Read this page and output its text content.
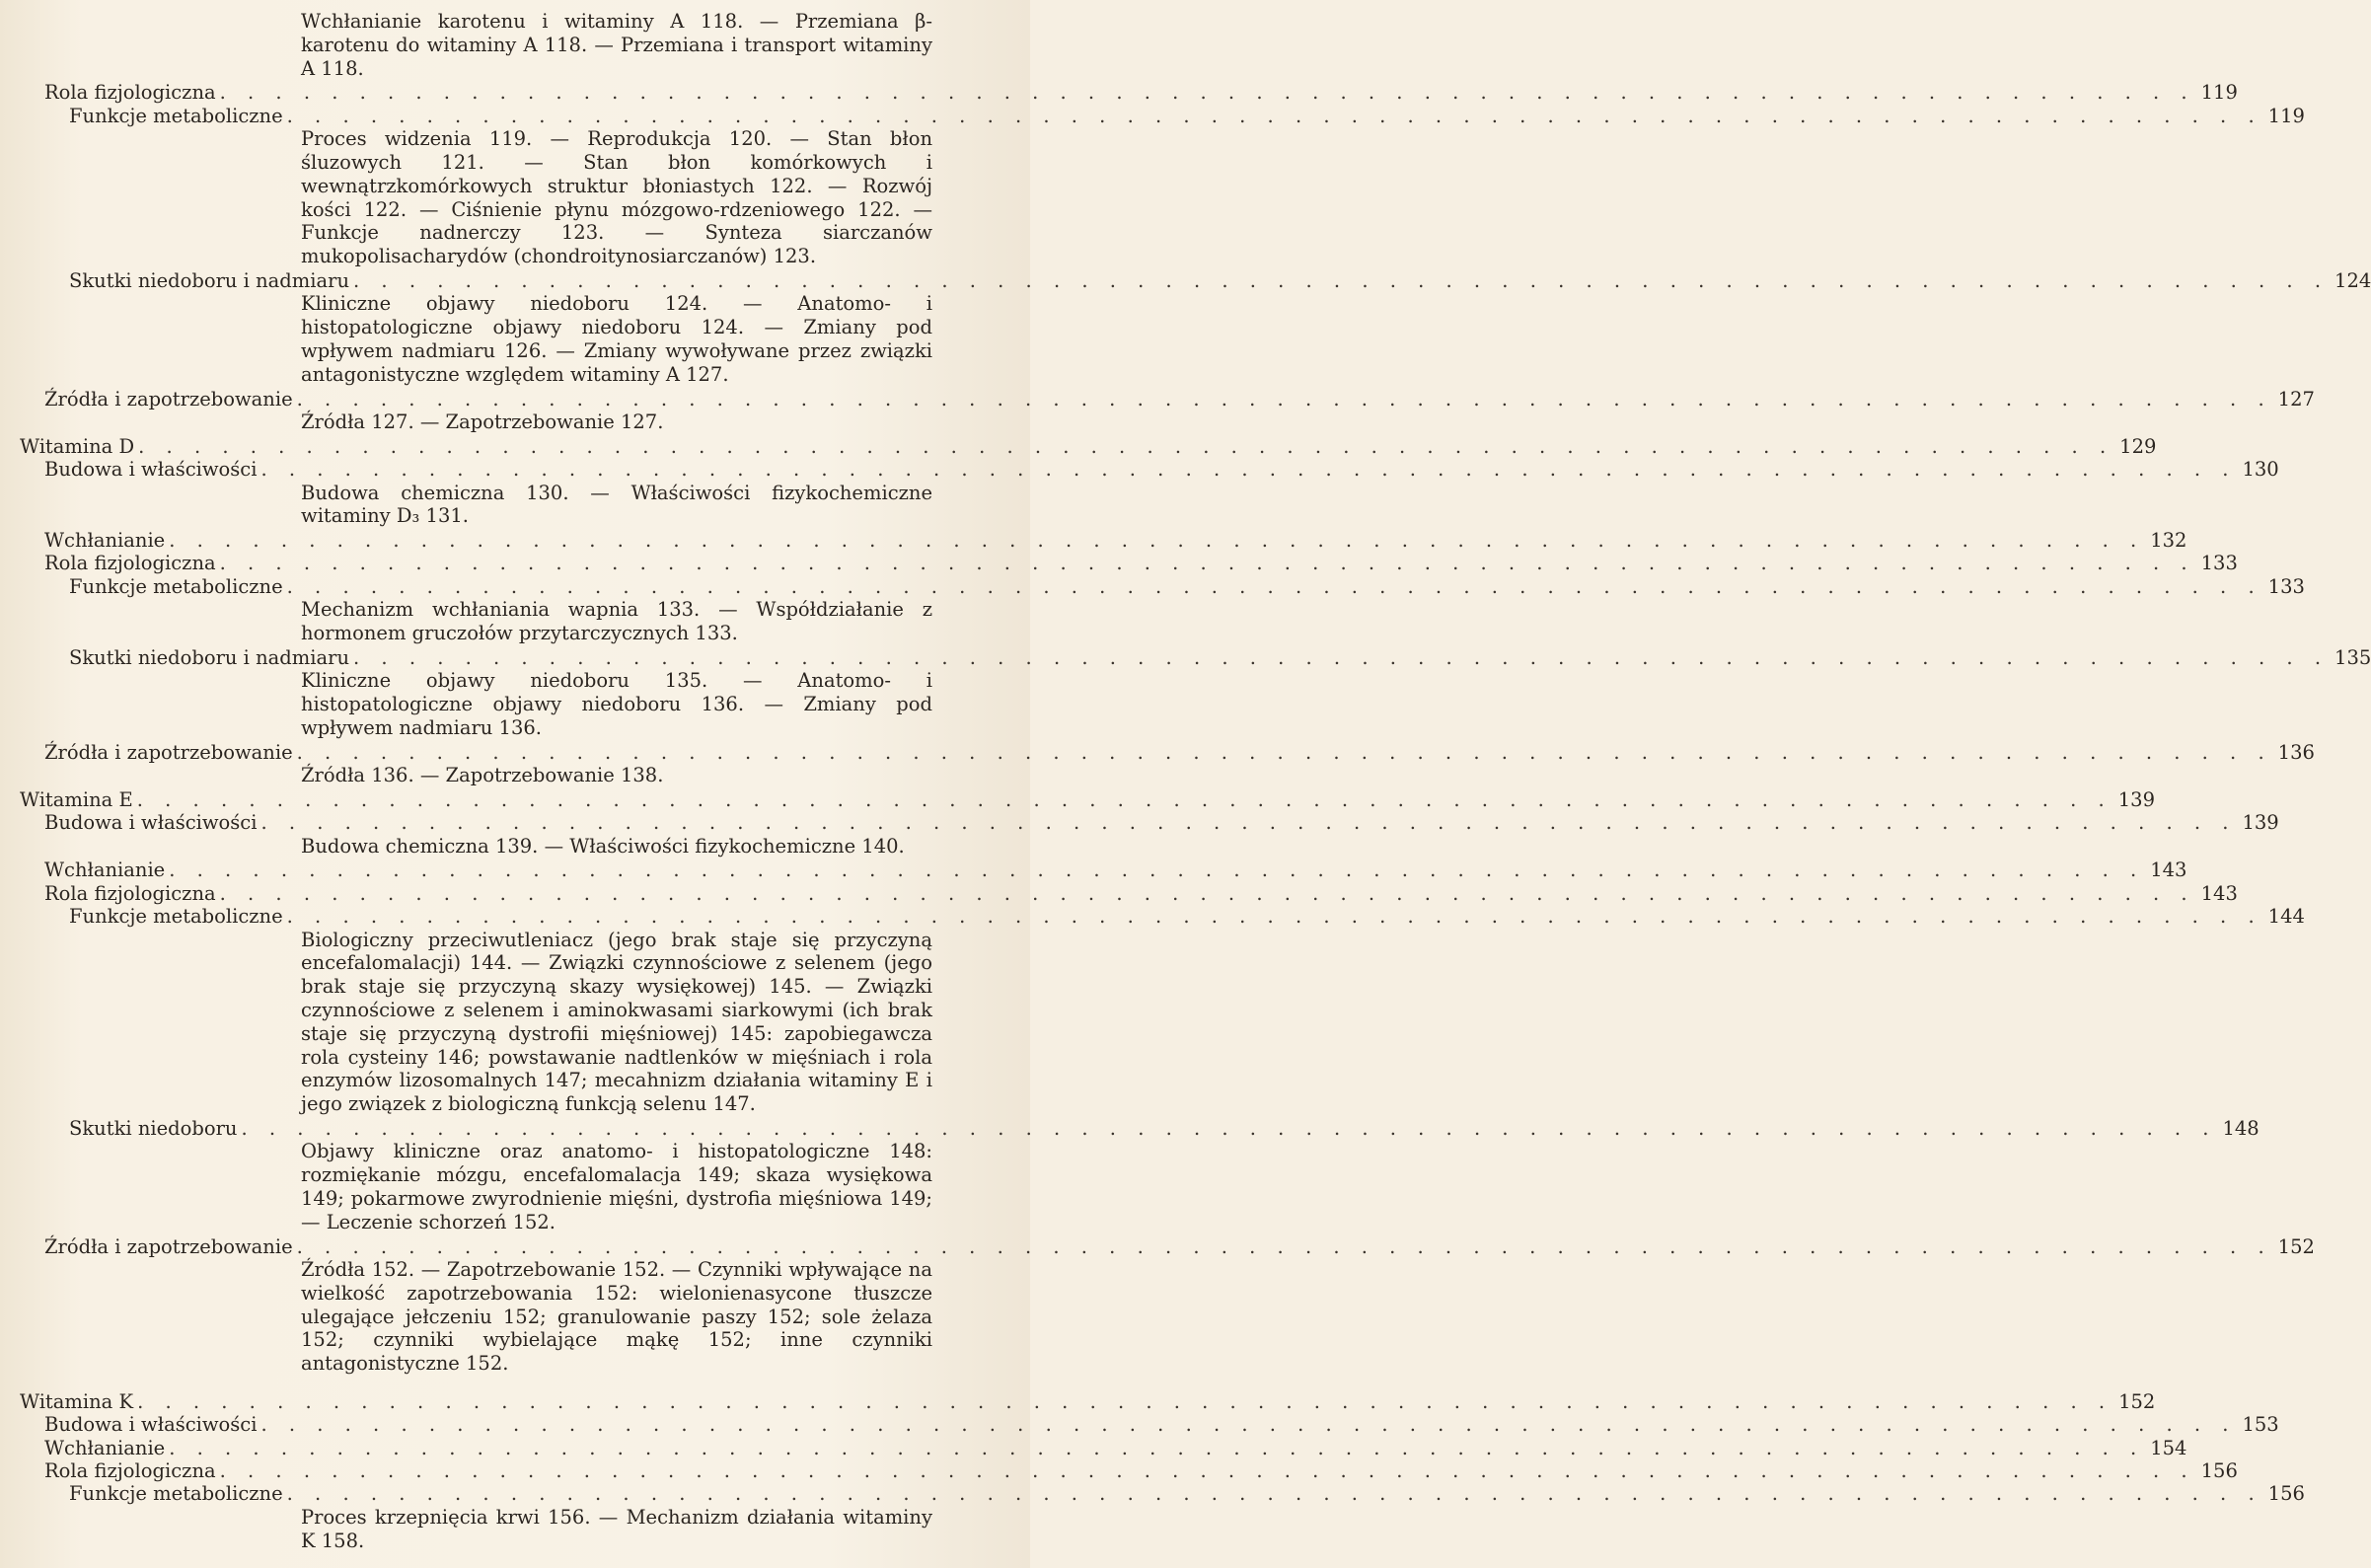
Wchłanianie karotenu i witaminy A 118. — Przemiana β-karotenu do witaminy A 118. — Przemiana i transport witaminy A 118.
Rola fizjologiczna . . . . . . . . . . . . . . . . . . . . . . . . . . . . . . . . . . . . . . . . . . . . . . . . . . . . . . . . . . . . . . . . . . . . . . . 119
Funkcje metaboliczne . . . . . . . . . . . . . . . . . . . . . . . . . . . . . . . . . . . . . . . . . . . . . . . . . . . . . . . . . . . . . . . . . . . . . . . 119
Proces widzenia 119. — Reprodukcja 120. — Stan błon śluzowych 121. — Stan błon komórkowych i wewnątrzkomórkowych struktur błoniastych 122. — Rozwój kości 122. — Ciśnienie płynu mózgowo-rdzeniowego 122. — Funkcje nadnerczy 123. — Synteza siarczanów mukopolisacharydów (chondroitynosiarczanów) 123.
Skutki niedoboru i nadmiaru . . . . . . . . . . . . . . . . . . . . . . . . . . . . . . . . . . . . . . . . . . . . . . . . . . . . . . . . . . . . . . . . . . . . . . . 124
Kliniczne objawy niedoboru 124. — Anatomo- i histopatologiczne objawy niedoboru 124. — Zmiany pod wpływem nadmiaru 126. — Zmiany wywoływane przez związki antagonistyczne względem witaminy A 127.
Źródła i zapotrzebowanie . . . . . . . . . . . . . . . . . . . . . . . . . . . . . . . . . . . . . . . . . . . . . . . . . . . . . . . . . . . . . . . . . . . . . . . 127
Źródła 127. — Zapotrzebowanie 127.
Witamina D . . . . . . . . . . . . . . . . . . . . . . . . . . . . . . . . . . . . . . . . . . . . . . . . . . . . . . . . . . . . . . . . . . . . . . . 129
Budowa i właściwości . . . . . . . . . . . . . . . . . . . . . . . . . . . . . . . . . . . . . . . . . . . . . . . . . . . . . . . . . . . . . . . . . . . . . . . 130
Budowa chemiczna 130. — Właściwości fizykochemiczne witaminy D₃ 131.
Wchłanianie . . . . . . . . . . . . . . . . . . . . . . . . . . . . . . . . . . . . . . . . . . . . . . . . . . . . . . . . . . . . . . . . . . . . . . . 132
Rola fizjologiczna . . . . . . . . . . . . . . . . . . . . . . . . . . . . . . . . . . . . . . . . . . . . . . . . . . . . . . . . . . . . . . . . . . . . . . . 133
Funkcje metaboliczne . . . . . . . . . . . . . . . . . . . . . . . . . . . . . . . . . . . . . . . . . . . . . . . . . . . . . . . . . . . . . . . . . . . . . . . 133
Mechanizm wchłaniania wapnia 133. — Współdziałanie z hormonem gruczołów przytarczycznych 133.
Skutki niedoboru i nadmiaru . . . . . . . . . . . . . . . . . . . . . . . . . . . . . . . . . . . . . . . . . . . . . . . . . . . . . . . . . . . . . . . . . . . . . . . 135
Kliniczne objawy niedoboru 135. — Anatomo- i histopatologiczne objawy niedoboru 136. — Zmiany pod wpływem nadmiaru 136.
Źródła i zapotrzebowanie . . . . . . . . . . . . . . . . . . . . . . . . . . . . . . . . . . . . . . . . . . . . . . . . . . . . . . . . . . . . . . . . . . . . . . . 136
Źródła 136. — Zapotrzebowanie 138.
Witamina E . . . . . . . . . . . . . . . . . . . . . . . . . . . . . . . . . . . . . . . . . . . . . . . . . . . . . . . . . . . . . . . . . . . . . . . 139
Budowa i właściwości . . . . . . . . . . . . . . . . . . . . . . . . . . . . . . . . . . . . . . . . . . . . . . . . . . . . . . . . . . . . . . . . . . . . . . . 139
Budowa chemiczna 139. — Właściwości fizykochemiczne 140.
Wchłanianie . . . . . . . . . . . . . . . . . . . . . . . . . . . . . . . . . . . . . . . . . . . . . . . . . . . . . . . . . . . . . . . . . . . . . . . 143
Rola fizjologiczna . . . . . . . . . . . . . . . . . . . . . . . . . . . . . . . . . . . . . . . . . . . . . . . . . . . . . . . . . . . . . . . . . . . . . . . 143
Funkcje metaboliczne . . . . . . . . . . . . . . . . . . . . . . . . . . . . . . . . . . . . . . . . . . . . . . . . . . . . . . . . . . . . . . . . . . . . . . . 144
Biologiczny przeciwutleniacz (jego brak staje się przyczyną encefalomalacji) 144. — Związki czynnościowe z selenem (jego brak staje się przyczyną skazy wysiękowej) 145. — Związki czynnościowe z selenem i aminokwasami siarkowymi (ich brak staje się przyczyną dystrofii mięśniowej) 145: zapobiegawcza rola cysteiny 146; powstawanie nadtlenków w mięśniach i rola enzymów lizosomalnych 147; mecahnizm działania witaminy E i jego związek z biologiczną funkcją selenu 147.
Skutki niedoboru . . . . . . . . . . . . . . . . . . . . . . . . . . . . . . . . . . . . . . . . . . . . . . . . . . . . . . . . . . . . . . . . . . . . . . . 148
Objawy kliniczne oraz anatomo- i histopatologiczne 148: rozmiękanie mózgu, encefalomalacja 149; skaza wysiękowa 149; pokarmowe zwyrodnienie mięśni, dystrofia mięśniowa 149; — Leczenie schorzeń 152.
Źródła i zapotrzebowanie . . . . . . . . . . . . . . . . . . . . . . . . . . . . . . . . . . . . . . . . . . . . . . . . . . . . . . . . . . . . . . . . . . . . . . . 152
Źródła 152. — Zapotrzebowanie 152. — Czynniki wpływające na wielkość zapotrzebowania 152: wielonienasycone tłuszcze ulegające jełczeniu 152; granulowanie paszy 152; sole żelaza 152; czynniki wybielające mąkę 152; inne czynniki antagonistyczne 152.
Witamina K . . . . . . . . . . . . . . . . . . . . . . . . . . . . . . . . . . . . . . . . . . . . . . . . . . . . . . . . . . . . . . . . . . . . . . . 152
Budowa i właściwości . . . . . . . . . . . . . . . . . . . . . . . . . . . . . . . . . . . . . . . . . . . . . . . . . . . . . . . . . . . . . . . . . . . . . . . 153
Wchłanianie . . . . . . . . . . . . . . . . . . . . . . . . . . . . . . . . . . . . . . . . . . . . . . . . . . . . . . . . . . . . . . . . . . . . . . . 154
Rola fizjologiczna . . . . . . . . . . . . . . . . . . . . . . . . . . . . . . . . . . . . . . . . . . . . . . . . . . . . . . . . . . . . . . . . . . . . . . . 156
Funkcje metaboliczne . . . . . . . . . . . . . . . . . . . . . . . . . . . . . . . . . . . . . . . . . . . . . . . . . . . . . . . . . . . . . . . . . . . . . . . 156
Proces krzepnięcia krwi 156. — Mechanizm działania witaminy K 158.
